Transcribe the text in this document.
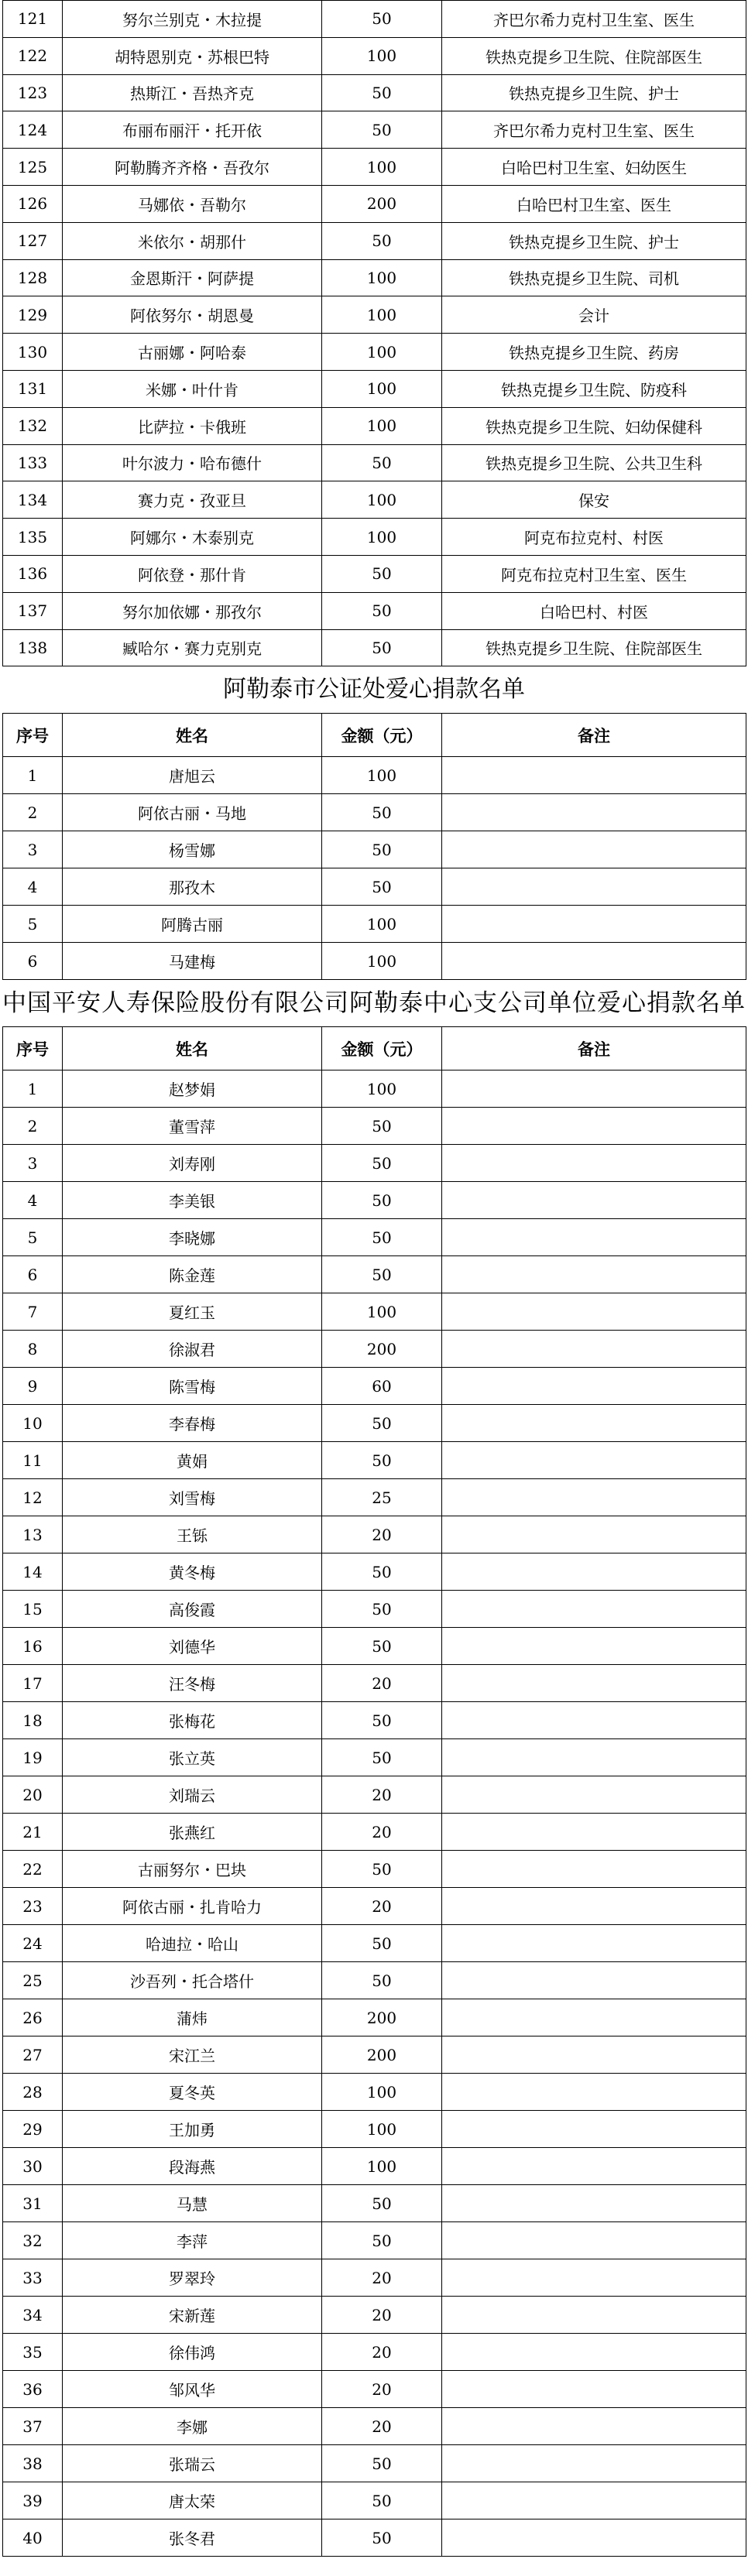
121	努尔兰别克・木拉提	50	齐巴尔希力克村卫生室、医生
122	胡特恩别克・苏根巴特	100	铁热克提乡卫生院、住院部医生
123	热斯江・吾热齐克	50	铁热克提乡卫生院、护士
124	布丽布丽汗・托开依	50	齐巴尔希力克村卫生室、医生
125	阿勒腾齐齐格・吾孜尔	100	白哈巴村卫生室、妇幼医生
126	马娜依・吾勒尔	200	白哈巴村卫生室、医生
127	米依尔・胡那什	50	铁热克提乡卫生院、护士
128	金恩斯汗・阿萨提	100	铁热克提乡卫生院、司机
129	阿依努尔・胡恩曼	100	会计
130	古丽娜・阿哈泰	100	铁热克提乡卫生院、药房
131	米娜・叶什肯	100	铁热克提乡卫生院、防疫科
132	比萨拉・卡俄班	100	铁热克提乡卫生院、妇幼保健科
133	叶尔波力・哈布德什	50	铁热克提乡卫生院、公共卫生科
134	赛力克・孜亚旦	100	保安
135	阿娜尔・木泰别克	100	阿克布拉克村、村医
136	阿依登・那什肯	50	阿克布拉克村卫生室、医生
137	努尔加依娜・那孜尔	50	白哈巴村、村医
138	臧哈尔・赛力克别克	50	铁热克提乡卫生院、住院部医生
阿勒泰市公证处爱心捐款名单
序号	姓名	金额（元）	备注
1	唐旭云	100	
2	阿依古丽・马地	50	
3	杨雪娜	50	
4	那孜木	50	
5	阿腾古丽	100	
6	马建梅	100	
中国平安人寿保险股份有限公司阿勒泰中心支公司单位爱心捐款名单
序号	姓名	金额（元）	备注
1	赵梦娟	100	
2	董雪萍	50	
3	刘寿刚	50	
4	李美银	50	
5	李晓娜	50	
6	陈金莲	50	
7	夏红玉	100	
8	徐淑君	200	
9	陈雪梅	60	
10	李春梅	50	
11	黄娟	50	
12	刘雪梅	25	
13	王铄	20	
14	黄冬梅	50	
15	高俊霞	50	
16	刘德华	50	
17	汪冬梅	20	
18	张梅花	50	
19	张立英	50	
20	刘瑞云	20	
21	张燕红	20	
22	古丽努尔・巴块	50	
23	阿依古丽・扎肯哈力	20	
24	哈迪拉・哈山	50	
25	沙吾列・托合塔什	50	
26	蒲炜	200	
27	宋江兰	200	
28	夏冬英	100	
29	王加勇	100	
30	段海燕	100	
31	马慧	50	
32	李萍	50	
33	罗翠玲	20	
34	宋新莲	20	
35	徐伟鸿	20	
36	邹风华	20	
37	李娜	20	
38	张瑞云	50	
39	唐太荣	50	
40	张冬君	50	
